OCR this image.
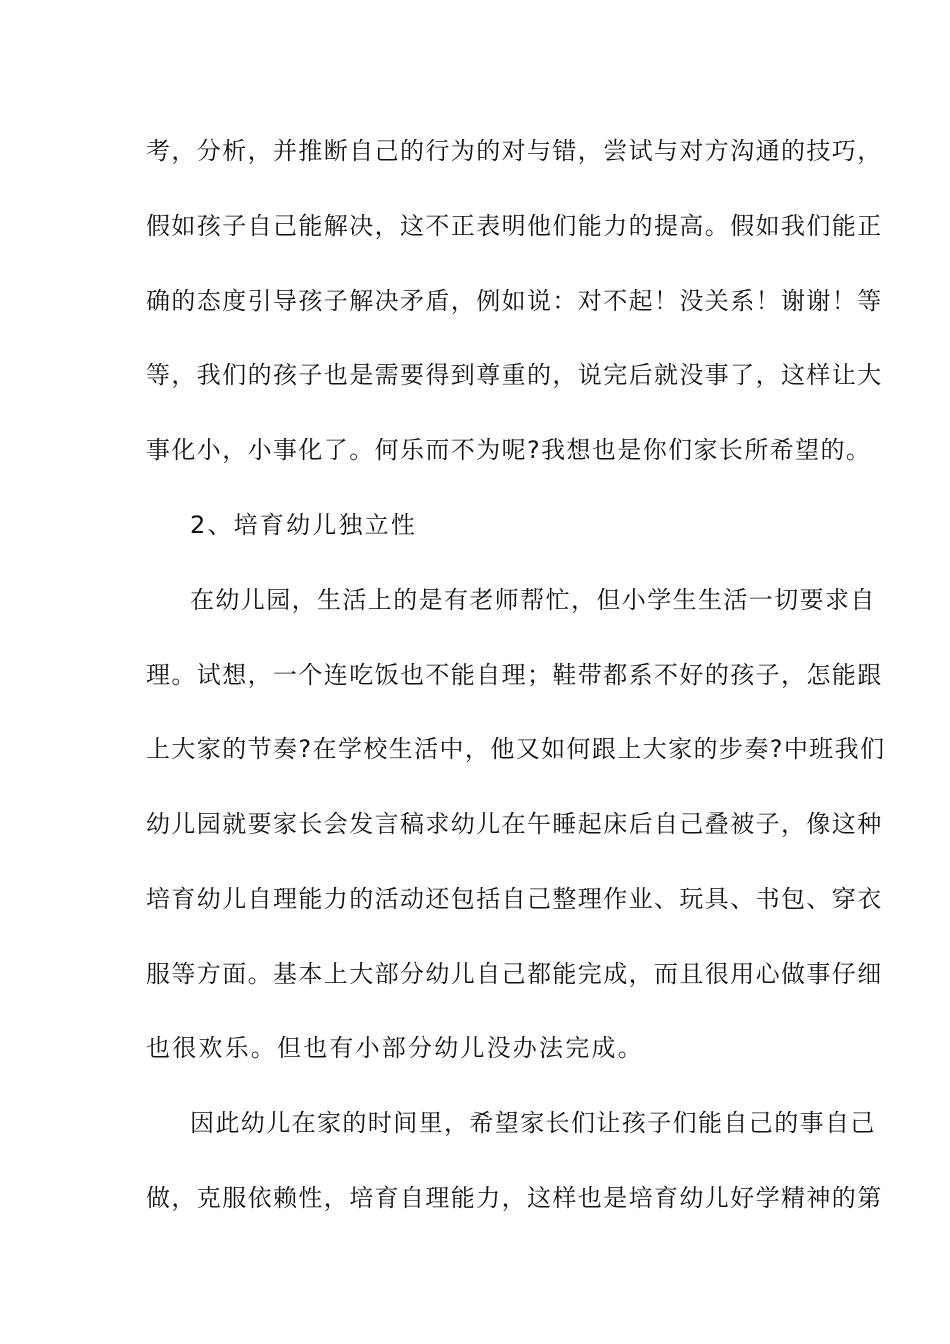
考，分析，并推断自己的行为的对与错，尝试与对方沟通的技巧，
假如孩子自己能解决，这不正表明他们能力的提高。假如我们能正
确的态度引导孩子解决矛盾，例如说：对不起！没关系！谢谢！等
等，我们的孩子也是需要得到尊重的，说完后就没事了，这样让大
事化小，小事化了。何乐而不为呢?我想也是你们家长所希望的。
2、培育幼儿独立性
在幼儿园，生活上的是有老师帮忙，但小学生生活一切要求自
理。试想，一个连吃饭也不能自理；鞋带都系不好的孩子，怎能跟
上大家的节奏?在学校生活中，他又如何跟上大家的步奏?中班我们
幼儿园就要家长会发言稿求幼儿在午睡起床后自己叠被子，像这种
培育幼儿自理能力的活动还包括自己整理作业、玩具、书包、穿衣
服等方面。基本上大部分幼儿自己都能完成，而且很用心做事仔细
也很欢乐。但也有小部分幼儿没办法完成。
因此幼儿在家的时间里，希望家长们让孩子们能自己的事自己
做，克服依赖性，培育自理能力，这样也是培育幼儿好学精神的第
